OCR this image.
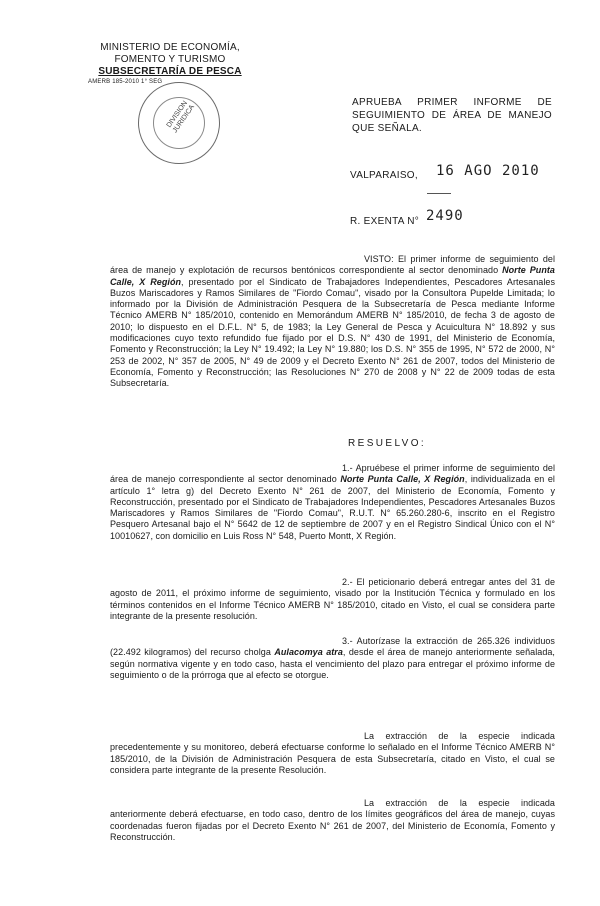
MINISTERIO DE ECONOMÍA,
FOMENTO Y TURISMO
SUBSECRETARÍA DE PESCA
AMERB 185-2010 1° SEG
DIVISION JURIDICA
APRUEBA PRIMER INFORME DE SEGUIMIENTO DE ÁREA DE MANEJO QUE SEÑALA.
VALPARAISO, 16 AGO 2010
R. EXENTA N° 2490
VISTO: El primer informe de seguimiento del área de manejo y explotación de recursos bentónicos correspondiente al sector denominado Norte Punta Calle, X Región, presentado por el Sindicato de Trabajadores Independientes, Pescadores Artesanales Buzos Mariscadores y Ramos Similares de "Fiordo Comau", visado por la Consultora Pupelde Limitada; lo informado por la División de Administración Pesquera de la Subsecretaría de Pesca mediante Informe Técnico AMERB N° 185/2010, contenido en Memorándum AMERB N° 185/2010, de fecha 3 de agosto de 2010; lo dispuesto en el D.F.L. N° 5, de 1983; la Ley General de Pesca y Acuicultura N° 18.892 y sus modificaciones cuyo texto refundido fue fijado por el D.S. N° 430 de 1991, del Ministerio de Economía, Fomento y Reconstrucción; la Ley N° 19.492; la Ley N° 19.880; los D.S. N° 355 de 1995, N° 572 de 2000, N° 253 de 2002, N° 357 de 2005, N° 49 de 2009 y el Decreto Exento N° 261 de 2007, todos del Ministerio de Economía, Fomento y Reconstrucción; las Resoluciones N° 270 de 2008 y N° 22 de 2009 todas de esta Subsecretaría.
RESUELVO:
1.- Apruébese el primer informe de seguimiento del área de manejo correspondiente al sector denominado Norte Punta Calle, X Región, individualizada en el artículo 1° letra g) del Decreto Exento N° 261 de 2007, del Ministerio de Economía, Fomento y Reconstrucción, presentado por el Sindicato de Trabajadores Independientes, Pescadores Artesanales Buzos Mariscadores y Ramos Similares de "Fiordo Comau", R.U.T. N° 65.260.280-6, inscrito en el Registro Pesquero Artesanal bajo el N° 5642 de 12 de septiembre de 2007 y en el Registro Sindical Único con el N° 10010627, con domicilio en Luis Ross N° 548, Puerto Montt, X Región.
2.- El peticionario deberá entregar antes del 31 de agosto de 2011, el próximo informe de seguimiento, visado por la Institución Técnica y formulado en los términos contenidos en el Informe Técnico AMERB N° 185/2010, citado en Visto, el cual se considera parte integrante de la presente resolución.
3.- Autorízase la extracción de 265.326 individuos (22.492 kilogramos) del recurso cholga Aulacomya atra, desde el área de manejo anteriormente señalada, según normativa vigente y en todo caso, hasta el vencimiento del plazo para entregar el próximo informe de seguimiento o de la prórroga que al efecto se otorgue.
La extracción de la especie indicada precedentemente y su monitoreo, deberá efectuarse conforme lo señalado en el Informe Técnico AMERB N° 185/2010, de la División de Administración Pesquera de esta Subsecretaría, citado en Visto, el cual se considera parte integrante de la presente Resolución.
La extracción de la especie indicada anteriormente deberá efectuarse, en todo caso, dentro de los límites geográficos del área de manejo, cuyas coordenadas fueron fijadas por el Decreto Exento N° 261 de 2007, del Ministerio de Economía, Fomento y Reconstrucción.
